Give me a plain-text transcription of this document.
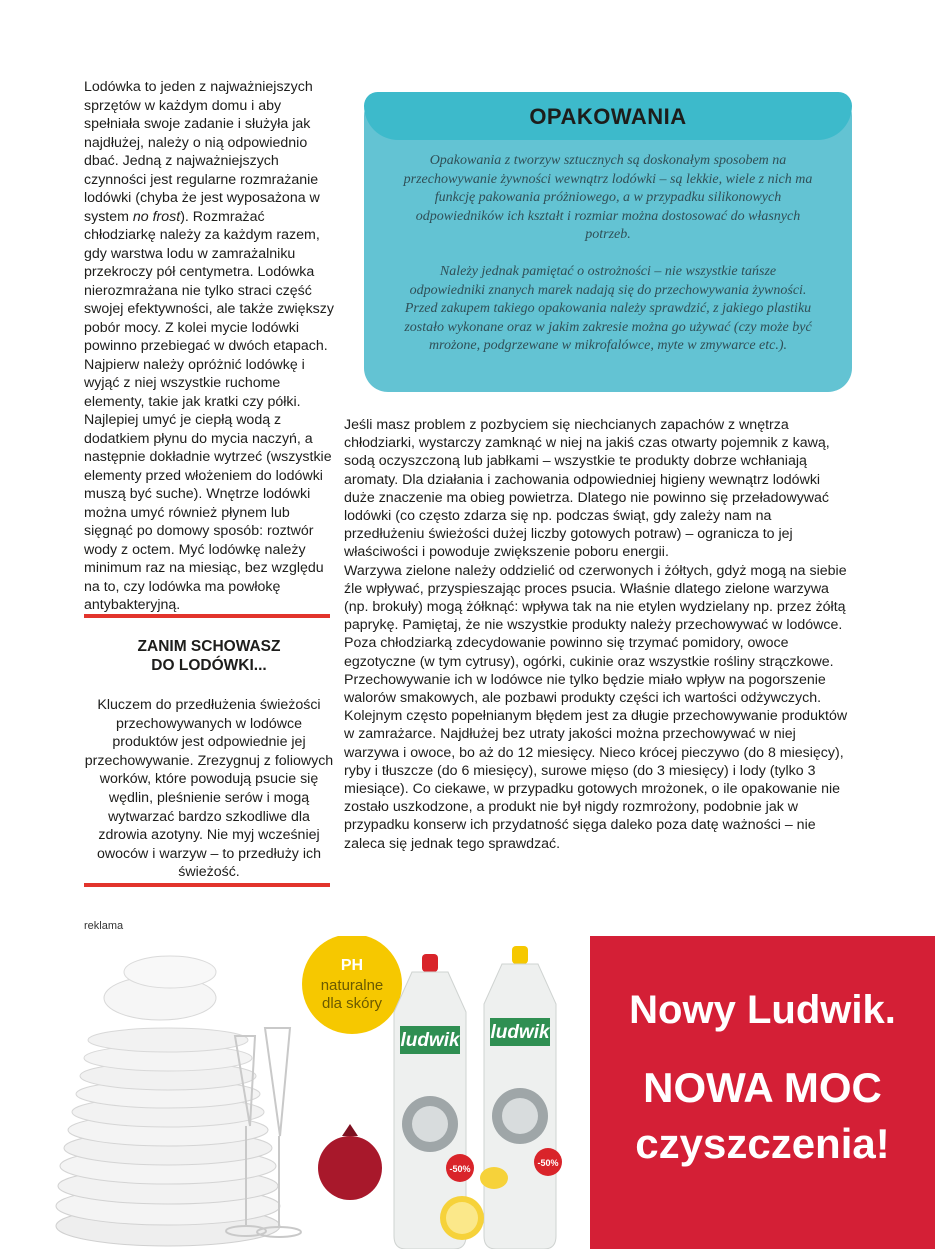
Lodówka to jeden z najważniejszych sprzętów w każdym domu i aby spełniała swoje zadanie i służyła jak najdłużej, należy o nią odpowiednio dbać. Jedną z najważniejszych czynności jest regularne rozmrażanie lodówki (chyba że jest wyposażona w system no frost). Rozmrażać chłodziarkę należy za każdym razem, gdy warstwa lodu w zamrażalniku przekroczy pół centymetra. Lodówka nierozmrażana nie tylko straci część swojej efektywności, ale także zwiększy pobór mocy. Z kolei mycie lodówki powinno przebiegać w dwóch etapach. Najpierw należy opróżnić lodówkę i wyjąć z niej wszystkie ruchome elementy, takie jak kratki czy półki. Najlepiej umyć je ciepłą wodą z dodatkiem płynu do mycia naczyń, a następnie dokładnie wytrzeć (wszystkie elementy przed włożeniem do lodówki muszą być suche). Wnętrze lodówki można umyć również płynem lub sięgnąć po domowy sposób: roztwór wody z octem. Myć lodówkę należy minimum raz na miesiąc, bez względu na to, czy lodówka ma powłokę antybakteryjną.

OPAKOWANIA

Opakowania z tworzyw sztucznych są doskonałym sposobem na przechowywanie żywności wewnątrz lodówki – są lekkie, wiele z nich ma funkcję pakowania próżniowego, a w przypadku silikonowych odpowiedników ich kształt i rozmiar można dostosować do własnych potrzeb.

Należy jednak pamiętać o ostrożności – nie wszystkie tańsze odpowiedniki znanych marek nadają się do przechowywania żywności. Przed zakupem takiego opakowania należy sprawdzić, z jakiego plastiku zostało wykonane oraz w jakim zakresie można go używać (czy może być mrożone, podgrzewane w mikrofalówce, myte w zmywarce etc.).

Jeśli masz problem z pozbyciem się niechcianych zapachów z wnętrza chłodziarki, wystarczy zamknąć w niej na jakiś czas otwarty pojemnik z kawą, sodą oczyszczoną lub jabłkami – wszystkie te produkty dobrze wchłaniają aromaty. Dla działania i zachowania odpowiedniej higieny wewnątrz lodówki duże znaczenie ma obieg powietrza. Dlatego nie powinno się przeładowywać lodówki (co często zdarza się np. podczas świąt, gdy zależy nam na przedłużeniu świeżości dużej liczby gotowych potraw) – ogranicza to jej właściwości i powoduje zwiększenie poboru energii.

Warzywa zielone należy oddzielić od czerwonych i żółtych, gdyż mogą na siebie źle wpływać, przyspieszając proces psucia. Właśnie dlatego zielone warzywa (np. brokuły) mogą żółknąć: wpływa tak na nie etylen wydzielany np. przez żółtą paprykę. Pamiętaj, że nie wszystkie produkty należy przechowywać w lodówce. Poza chłodziarką zdecydowanie powinno się trzymać pomidory, owoce egzotyczne (w tym cytrusy), ogórki, cukinie oraz wszystkie rośliny strączkowe. Przechowywanie ich w lodówce nie tylko będzie miało wpływ na pogorszenie walorów smakowych, ale pozbawi produkty części ich wartości odżywczych. Kolejnym często popełnianym błędem jest za długie przechowywanie produktów w zamrażarce. Najdłużej bez utraty jakości można przechowywać w niej warzywa i owoce, bo aż do 12 miesięcy. Nieco krócej pieczywo (do 8 miesięcy), ryby i tłuszcze (do 6 miesięcy), surowe mięso (do 3 miesięcy) i lody (tylko 3 miesiące). Co ciekawe, w przypadku gotowych mrożonek, o ile opakowanie nie zostało uszkodzone, a produkt nie był nigdy rozmrożony, podobnie jak w przypadku konserw ich przydatność sięga daleko poza datę ważności – nie zaleca się jednak tego sprawdzać.

ZANIM SCHOWASZ
DO LODÓWKI...
Kluczem do przedłużenia świeżości przechowywanych w lodówce produktów jest odpowiednie jej przechowywanie. Zrezygnuj z foliowych worków, które powodują psucie się wędlin, pleśnienie serów i mogą wytwarzać bardzo szkodliwe dla zdrowia azotyny. Nie myj wcześniej owoców i warzyw – to przedłuży ich świeżość.
reklama
PH
naturalne
dla skóry
ludwik
-50%
ludwik
-50%
Nowy Ludwik.
NOWA MOC
czyszczenia!
